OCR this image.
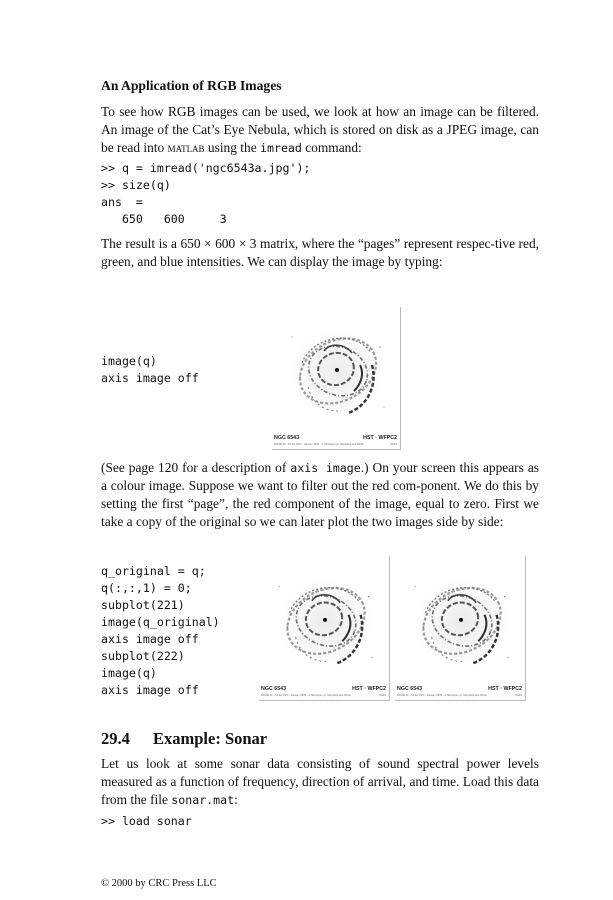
An Application of RGB Images
To see how RGB images can be used, we look at how an image can be filtered. An image of the Cat’s Eye Nebula, which is stored on disk as a JPEG image, can be read into matlab using the imread command:
>> q = imread('ngc6543a.jpg');
>> size(q)
ans  =
650   600     3
The result is a 650 × 600 × 3 matrix, where the “pages” represent respec-tive red, green, and blue intensities. We can display the image by typing:
image(q)
axis image off
NGC 6543	HST · WFPC2
PRC95-01 · ST ScI OPO · January 1995 · J. Harrington (U. Maryland) and NASA	NASA
(See page 120 for a description of axis image.) On your screen this appears as a colour image. Suppose we want to filter out the red com-ponent. We do this by setting the first “page”, the red component of the image, equal to zero. First we take a copy of the original so we can later plot the two images side by side:
q_original = q;
q(:,:,1) = 0;
subplot(221)
image(q_original)
axis image off
subplot(222)
image(q)
axis image off	NGC 6543	HST · WFPC2
PRC95-01 · ST ScI OPO · January 1995 · J. Harrington (U. Maryland) and NASA	NASA
NGC 6543	HST · WFPC2
PRC95-01 · ST ScI OPO · January 1995 · J. Harrington (U. Maryland) and NASA	NASA
29.4 Example: Sonar
Let us look at some sonar data consisting of sound spectral power levels measured as a function of frequency, direction of arrival, and time. Load this data from the file sonar.mat:
>> load sonar
© 2000 by CRC Press LLC
